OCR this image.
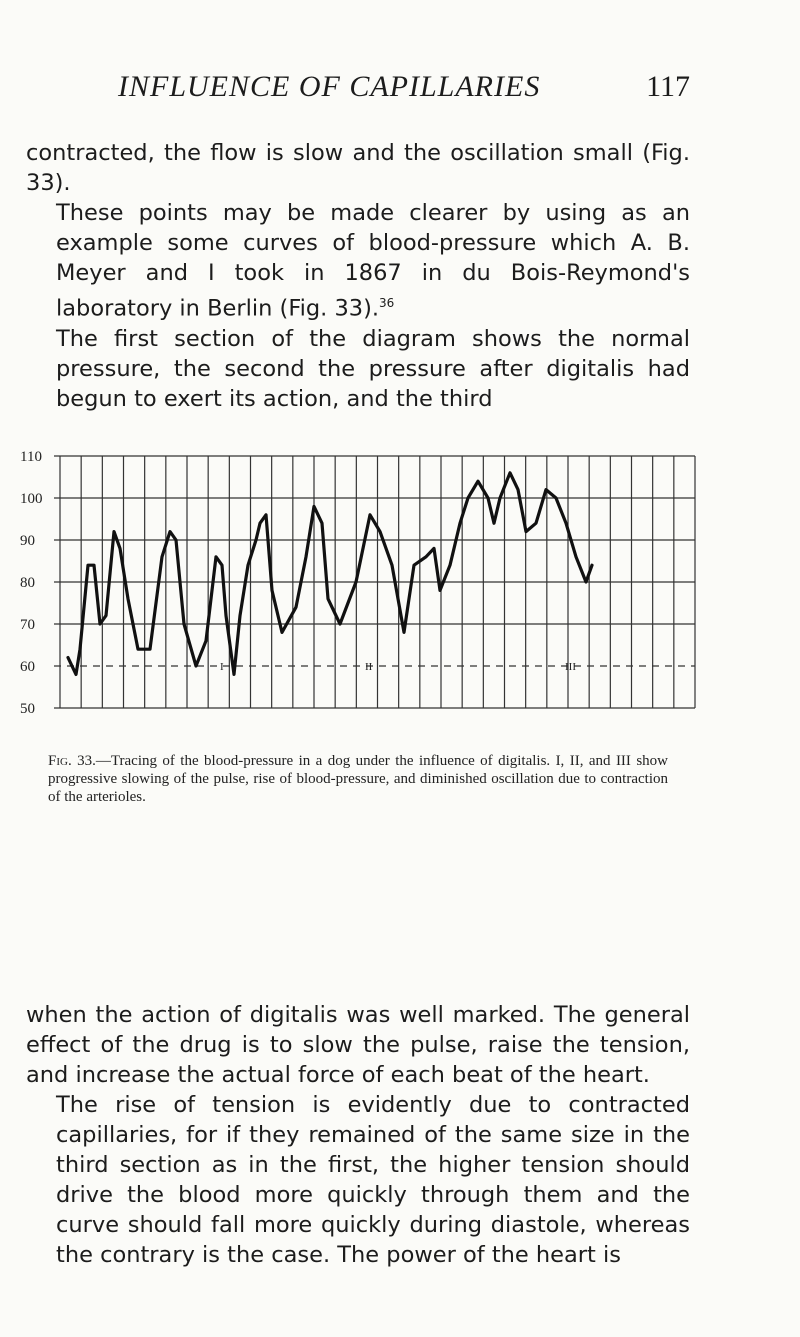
INFLUENCE OF CAPILLARIES	117

contracted, the flow is slow and the oscillation small (Fig. 33).

These points may be made clearer by using as an example some curves of blood-pressure which A. B. Meyer and I took in 1867 in du Bois-Reymond's laboratory in Berlin (Fig. 33).$^{36}$

The first section of the diagram shows the normal pressure, the second the pressure after digitalis had begun to exert its action, and the third

110
100
90
80
70
60
50
I	II	III

Fig. 33.—Tracing of the blood-pressure in a dog under the influence of digitalis. I, II, and III show progressive slowing of the pulse, rise of blood-pressure, and diminished oscillation due to contraction of the arterioles.

when the action of digitalis was well marked. The general effect of the drug is to slow the pulse, raise the tension, and increase the actual force of each beat of the heart.

The rise of tension is evidently due to contracted capillaries, for if they remained of the same size in the third section as in the first, the higher tension should drive the blood more quickly through them and the curve should fall more quickly during diastole, whereas the contrary is the case. The power of the heart is
